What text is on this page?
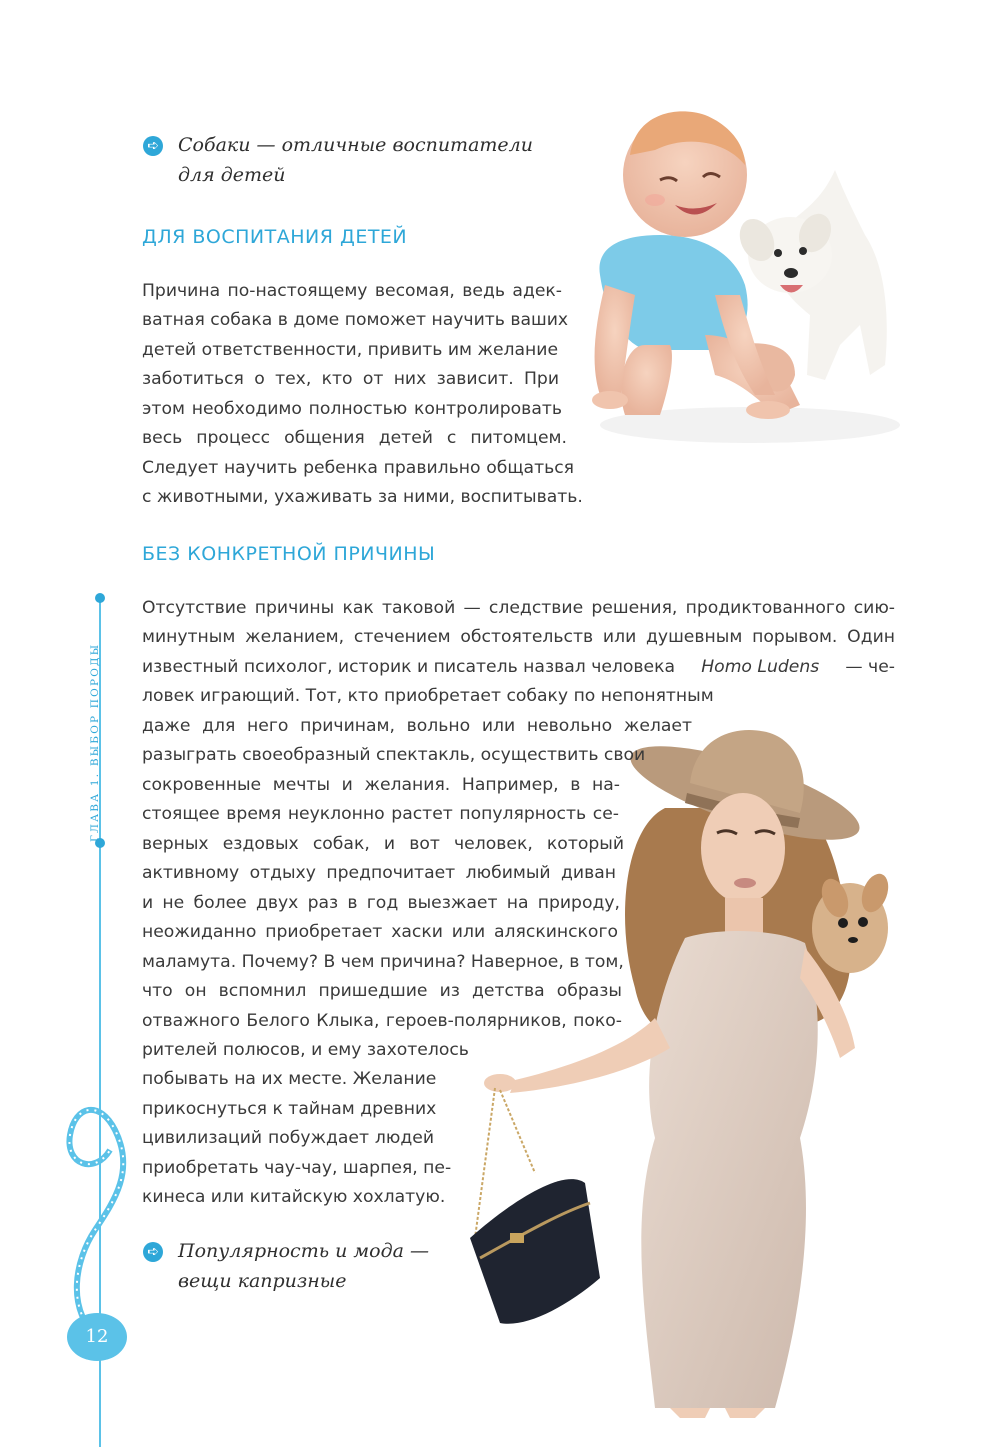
ГЛАВА 1. ВЫБОР ПОРОДЫ
12
➪ Собаки — отличные воспитатели
для детей
ДЛЯ ВОСПИТАНИЯ ДЕТЕЙ
Причина по-настоящему весомая, ведь адек-
ватная собака в доме поможет научить ваших
детей ответственности, привить им желание
заботиться о тех, кто от них зависит. При
этом необходимо полностью контролировать
весь процесс общения детей с питомцем.
Следует научить ребенка правильно общаться
с животными, ухаживать за ними, воспитывать.
БЕЗ КОНКРЕТНОЙ ПРИЧИНЫ
Отсутствие причины как таковой — следствие решения, продиктованного сию-
минутным желанием, стечением обстоятельств или душевным порывом. Один
известный психолог, историк и писатель назвал человека Homo Ludens — че-
ловек играющий. Тот, кто приобретает собаку по непонятным
даже для него причинам, вольно или невольно желает
разыграть своеобразный спектакль, осуществить свои
сокровенные мечты и желания. Например, в на-
стоящее время неуклонно растет популярность се-
верных ездовых собак, и вот человек, который
активному отдыху предпочитает любимый диван
и не более двух раз в год выезжает на природу,
неожиданно приобретает хаски или аляскинского
маламута. Почему? В чем причина? Наверное, в том,
что он вспомнил пришедшие из детства образы
отважного Белого Клыка, героев-полярников, поко-
рителей полюсов, и ему захотелось
побывать на их месте. Желание
прикоснуться к тайнам древних
цивилизаций побуждает людей
приобретать чау-чау, шарпея, пе-
кинеса или китайскую хохлатую.
➪ Популярность и мода —
вещи капризные
